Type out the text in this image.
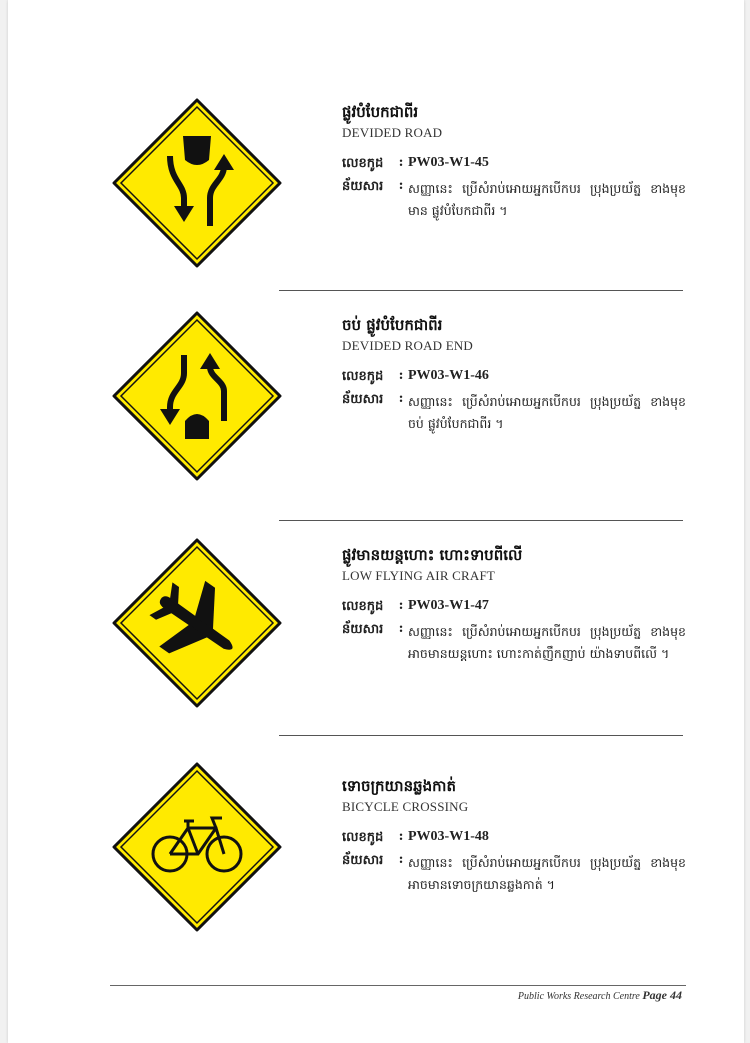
ផ្លូវបំបែកជាពីរ
DEVIDED ROAD
លេខកូដ	: PW03-W1-45
ន័យសារ	: សញ្ញានេះ ប្រើសំរាប់អោយអ្នកបើកបរ ប្រុងប្រយ័ត្ន ខាងមុខមាន ផ្លូវបំបែកជាពីរ ។
ចប់ ផ្លូវបំបែកជាពីរ
DEVIDED ROAD END
លេខកូដ	: PW03-W1-46
ន័យសារ	: សញ្ញានេះ ប្រើសំរាប់អោយអ្នកបើកបរ ប្រុងប្រយ័ត្ន ខាងមុខ ចប់ ផ្លូវបំបែកជាពីរ ។
ផ្លូវមានយន្តហោះ ហោះទាបពីលើ
LOW FLYING AIR CRAFT
លេខកូដ	: PW03-W1-47
ន័យសារ	: សញ្ញានេះ ប្រើសំរាប់អោយអ្នកបើកបរ ប្រុងប្រយ័ត្ន ខាងមុខ អាចមានយន្តហោះ ហោះកាត់ញឹកញាប់ យ៉ាងទាបពីលើ ។
ទោចក្រយានឆ្លងកាត់
BICYCLE CROSSING
លេខកូដ	: PW03-W1-48
ន័យសារ	: សញ្ញានេះ ប្រើសំរាប់អោយអ្នកបើកបរ ប្រុងប្រយ័ត្ន ខាងមុខ អាចមានទោចក្រយានឆ្លងកាត់ ។
Public Works Research Centre Page 44
